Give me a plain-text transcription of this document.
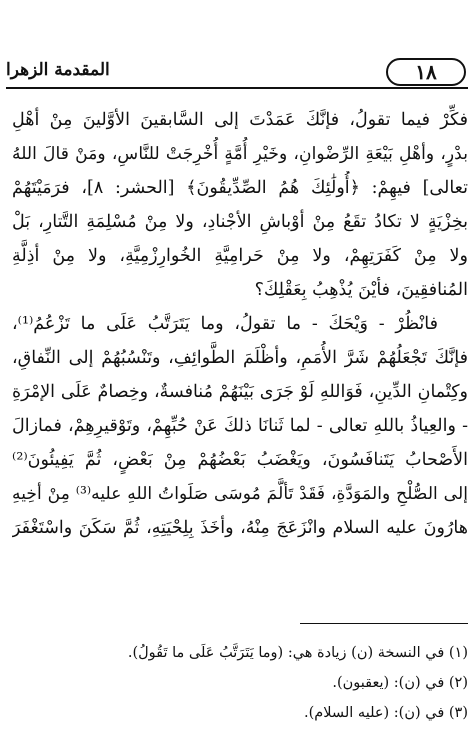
١٨
المقدمة الزهرا
فكِّرْ فيما تقولُ، فإنَّكَ عَمَدْتَ إلى السَّابقينَ الأوَّلينَ مِنْ أهْلِ
بدْرٍ، وأهْلِ بَيْعَةِ الرِّضْوانِ، وخَيْرِ أُمَّةٍ أُخْرِجَتْ للنَّاسِ، ومَنْ قالَ اللهُ
تعالى] فيهِمْ: ﴿أُولَٰئِكَ هُمُ الصِّدِّيقُونَ﴾ [الحشر: ٨]، فرَمَيْتَهُمْ
بخِزْيَةٍ لا تكادُ تقَعُ مِنْ أوْباشِ الأجْنادِ، ولا مِنْ مُسْلِمَةِ التَّتارِ، بَلْ
ولا مِنْ كَفَرَتِهِمْ، ولا مِنْ حَرامِيَّةِ الخُوارِزْمِيَّةِ، ولا مِنْ أذِلَّةِ
المُنافقِينَ، فأيْنَ يُذْهِبُ بِعَقْلِكَ؟
فانْظُرْ - وَيْحَكَ - ما تقولُ، وما يَتَرَتَّبُ عَلَى ما تَزْعُمُ⁽¹⁾،
فإنَّكَ تَجْعَلُهُمْ شَرَّ الأُمَمِ، وأظْلَمَ الطَّوائِفِ، وتَنْسُبُهُمْ إلى النِّفاقِ،
وكِتْمانِ الدِّينِ، فَوَاللهِ لَوْ جَرَى بَيْنَهُمْ مُنافسةٌ، وخِصامٌ عَلَى الإمْرَةِ
- والعِياذُ باللهِ تعالى - لما ثَنانَا ذلكَ عَنْ حُبِّهِمْ، وتَوْقيرِهِمْ، فمازالَ
الأَصْحابُ يَتَنافَسُونَ، ويَغْضَبُ بَعْضُهُمْ مِنْ بَعْضٍ، ثُمَّ يَفِيئُونَ⁽²⁾
إلى الصُّلْحِ والمَوَدَّةِ، فَقَدْ تَألَّمَ مُوسَى صَلَواتُ اللهِ عليه⁽³⁾ مِنْ أخِيهِ
هارُونَ عليه السلام وانْزَعَجَ مِنْهُ، وأخَذَ بِلِحْيَتِهِ، ثُمَّ سَكَنَ واسْتَغْفَرَ
(١) في النسخة (ن) زيادة هي: (وما يَتَرَتَّبُ عَلَى ما تَقُولُ).
(٢) في (ن): (يعقبون).
(٣) في (ن): (عليه السلام).
